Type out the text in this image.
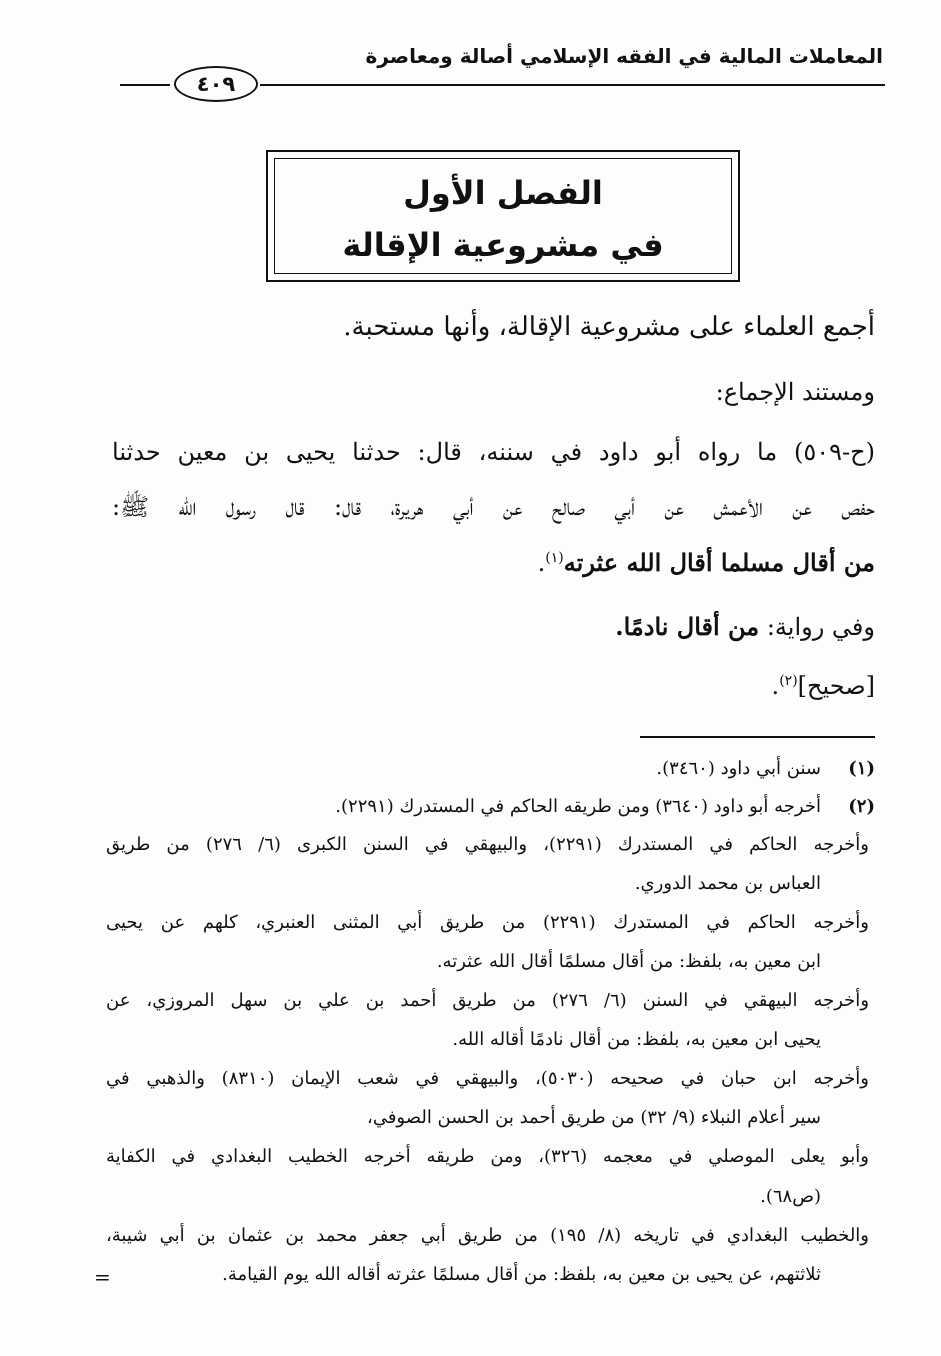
المعاملات المالية في الفقه الإسلامي أصالة ومعاصرة
٤٠٩
الفصل الأول
في مشروعية الإقالة
أجمع العلماء على مشروعية الإقالة، وأنها مستحبة.
ومستند الإجماع:
(ح-٥٠٩) ما رواه أبو داود في سننه، قال: حدثنا يحيى بن معين حدثنا
حفص عن الأعمش عن أبي صالح عن أبي هريرة، قال: قال رسول الله ﷺ:
من أقال مسلما أقال الله عثرته$^{(١)}$.
وفي رواية: من أقال نادمًا.
[صحيح]$^{(٢)}$.
(١)
سنن أبي داود (٣٤٦٠).
(٢)
أخرجه أبو داود (٣٦٤٠) ومن طريقه الحاكم في المستدرك (٢٢٩١).
وأخرجه الحاكم في المستدرك (٢٢٩١)، والبيهقي في السنن الكبرى (٦/ ٢٧٦) من طريق
العباس بن محمد الدوري.
وأخرجه الحاكم في المستدرك (٢٢٩١) من طريق أبي المثنى العنبري، كلهم عن يحيى
ابن معين به، بلفظ: من أقال مسلمًا أقال الله عثرته.
وأخرجه البيهقي في السنن (٦/ ٢٧٦) من طريق أحمد بن علي بن سهل المروزي، عن
يحيى ابن معين به، بلفظ: من أقال نادمًا أقاله الله.
وأخرجه ابن حبان في صحيحه (٥٠٣٠)، والبيهقي في شعب الإيمان (٨٣١٠) والذهبي في
سير أعلام النبلاء (٩/ ٣٢) من طريق أحمد بن الحسن الصوفي،
وأبو يعلى الموصلي في معجمه (٣٢٦)، ومن طريقه أخرجه الخطيب البغدادي في الكفاية
(ص٦٨).
والخطيب البغدادي في تاريخه (٨/ ١٩٥) من طريق أبي جعفر محمد بن عثمان بن أبي شيبة،
ثلاثتهم، عن يحيى بن معين به، بلفظ: من أقال مسلمًا عثرته أقاله الله يوم القيامة.
=
